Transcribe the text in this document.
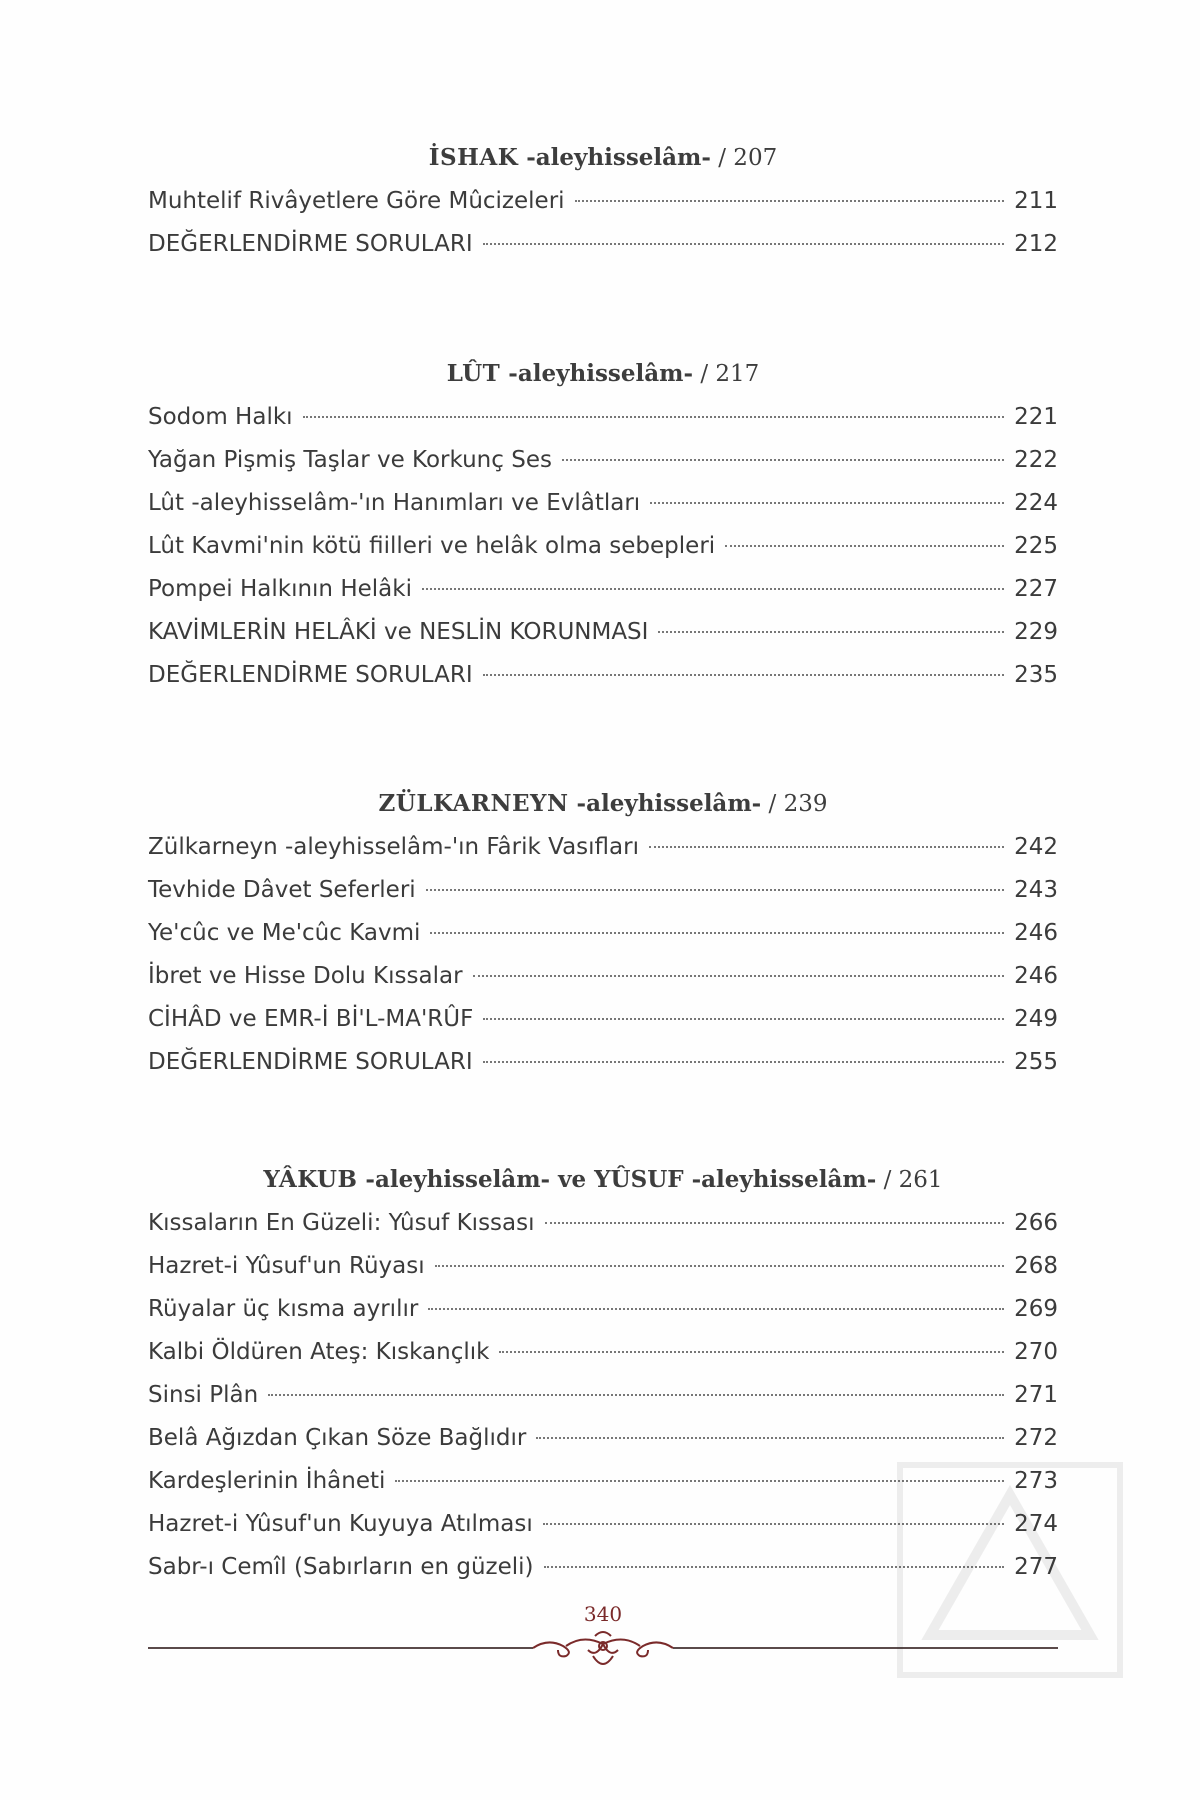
İSHAK -aleyhisselâm- / 207
Muhtelif Rivâyetlere Göre Mûcizeleri	211
DEĞERLENDİRME SORULARI	212
LÛT -aleyhisselâm- / 217
Sodom Halkı	221
Yağan Pişmiş Taşlar ve Korkunç Ses	222
Lût -aleyhisselâm-'ın Hanımları ve Evlâtları	224
Lût Kavmi'nin kötü fiilleri ve helâk olma sebepleri	225
Pompei Halkının Helâki	227
KAVİMLERİN HELÂKİ ve NESLİN KORUNMASI	229
DEĞERLENDİRME SORULARI	235
ZÜLKARNEYN -aleyhisselâm- / 239
Zülkarneyn -aleyhisselâm-'ın Fârik Vasıfları	242
Tevhide Dâvet Seferleri	243
Ye'cûc ve Me'cûc Kavmi	246
İbret ve Hisse Dolu Kıssalar	246
CİHÂD ve EMR-İ Bİ'L-MA'RÛF	249
DEĞERLENDİRME SORULARI	255
YÂKUB -aleyhisselâm- ve YÛSUF -aleyhisselâm- / 261
Kıssaların En Güzeli: Yûsuf Kıssası	266
Hazret-i Yûsuf'un Rüyası	268
Rüyalar üç kısma ayrılır	269
Kalbi Öldüren Ateş: Kıskançlık	270
Sinsi Plân	271
Belâ Ağızdan Çıkan Söze Bağlıdır	272
Kardeşlerinin İhâneti	273
Hazret-i Yûsuf'un Kuyuya Atılması	274
Sabr-ı Cemîl (Sabırların en güzeli)	277
340
